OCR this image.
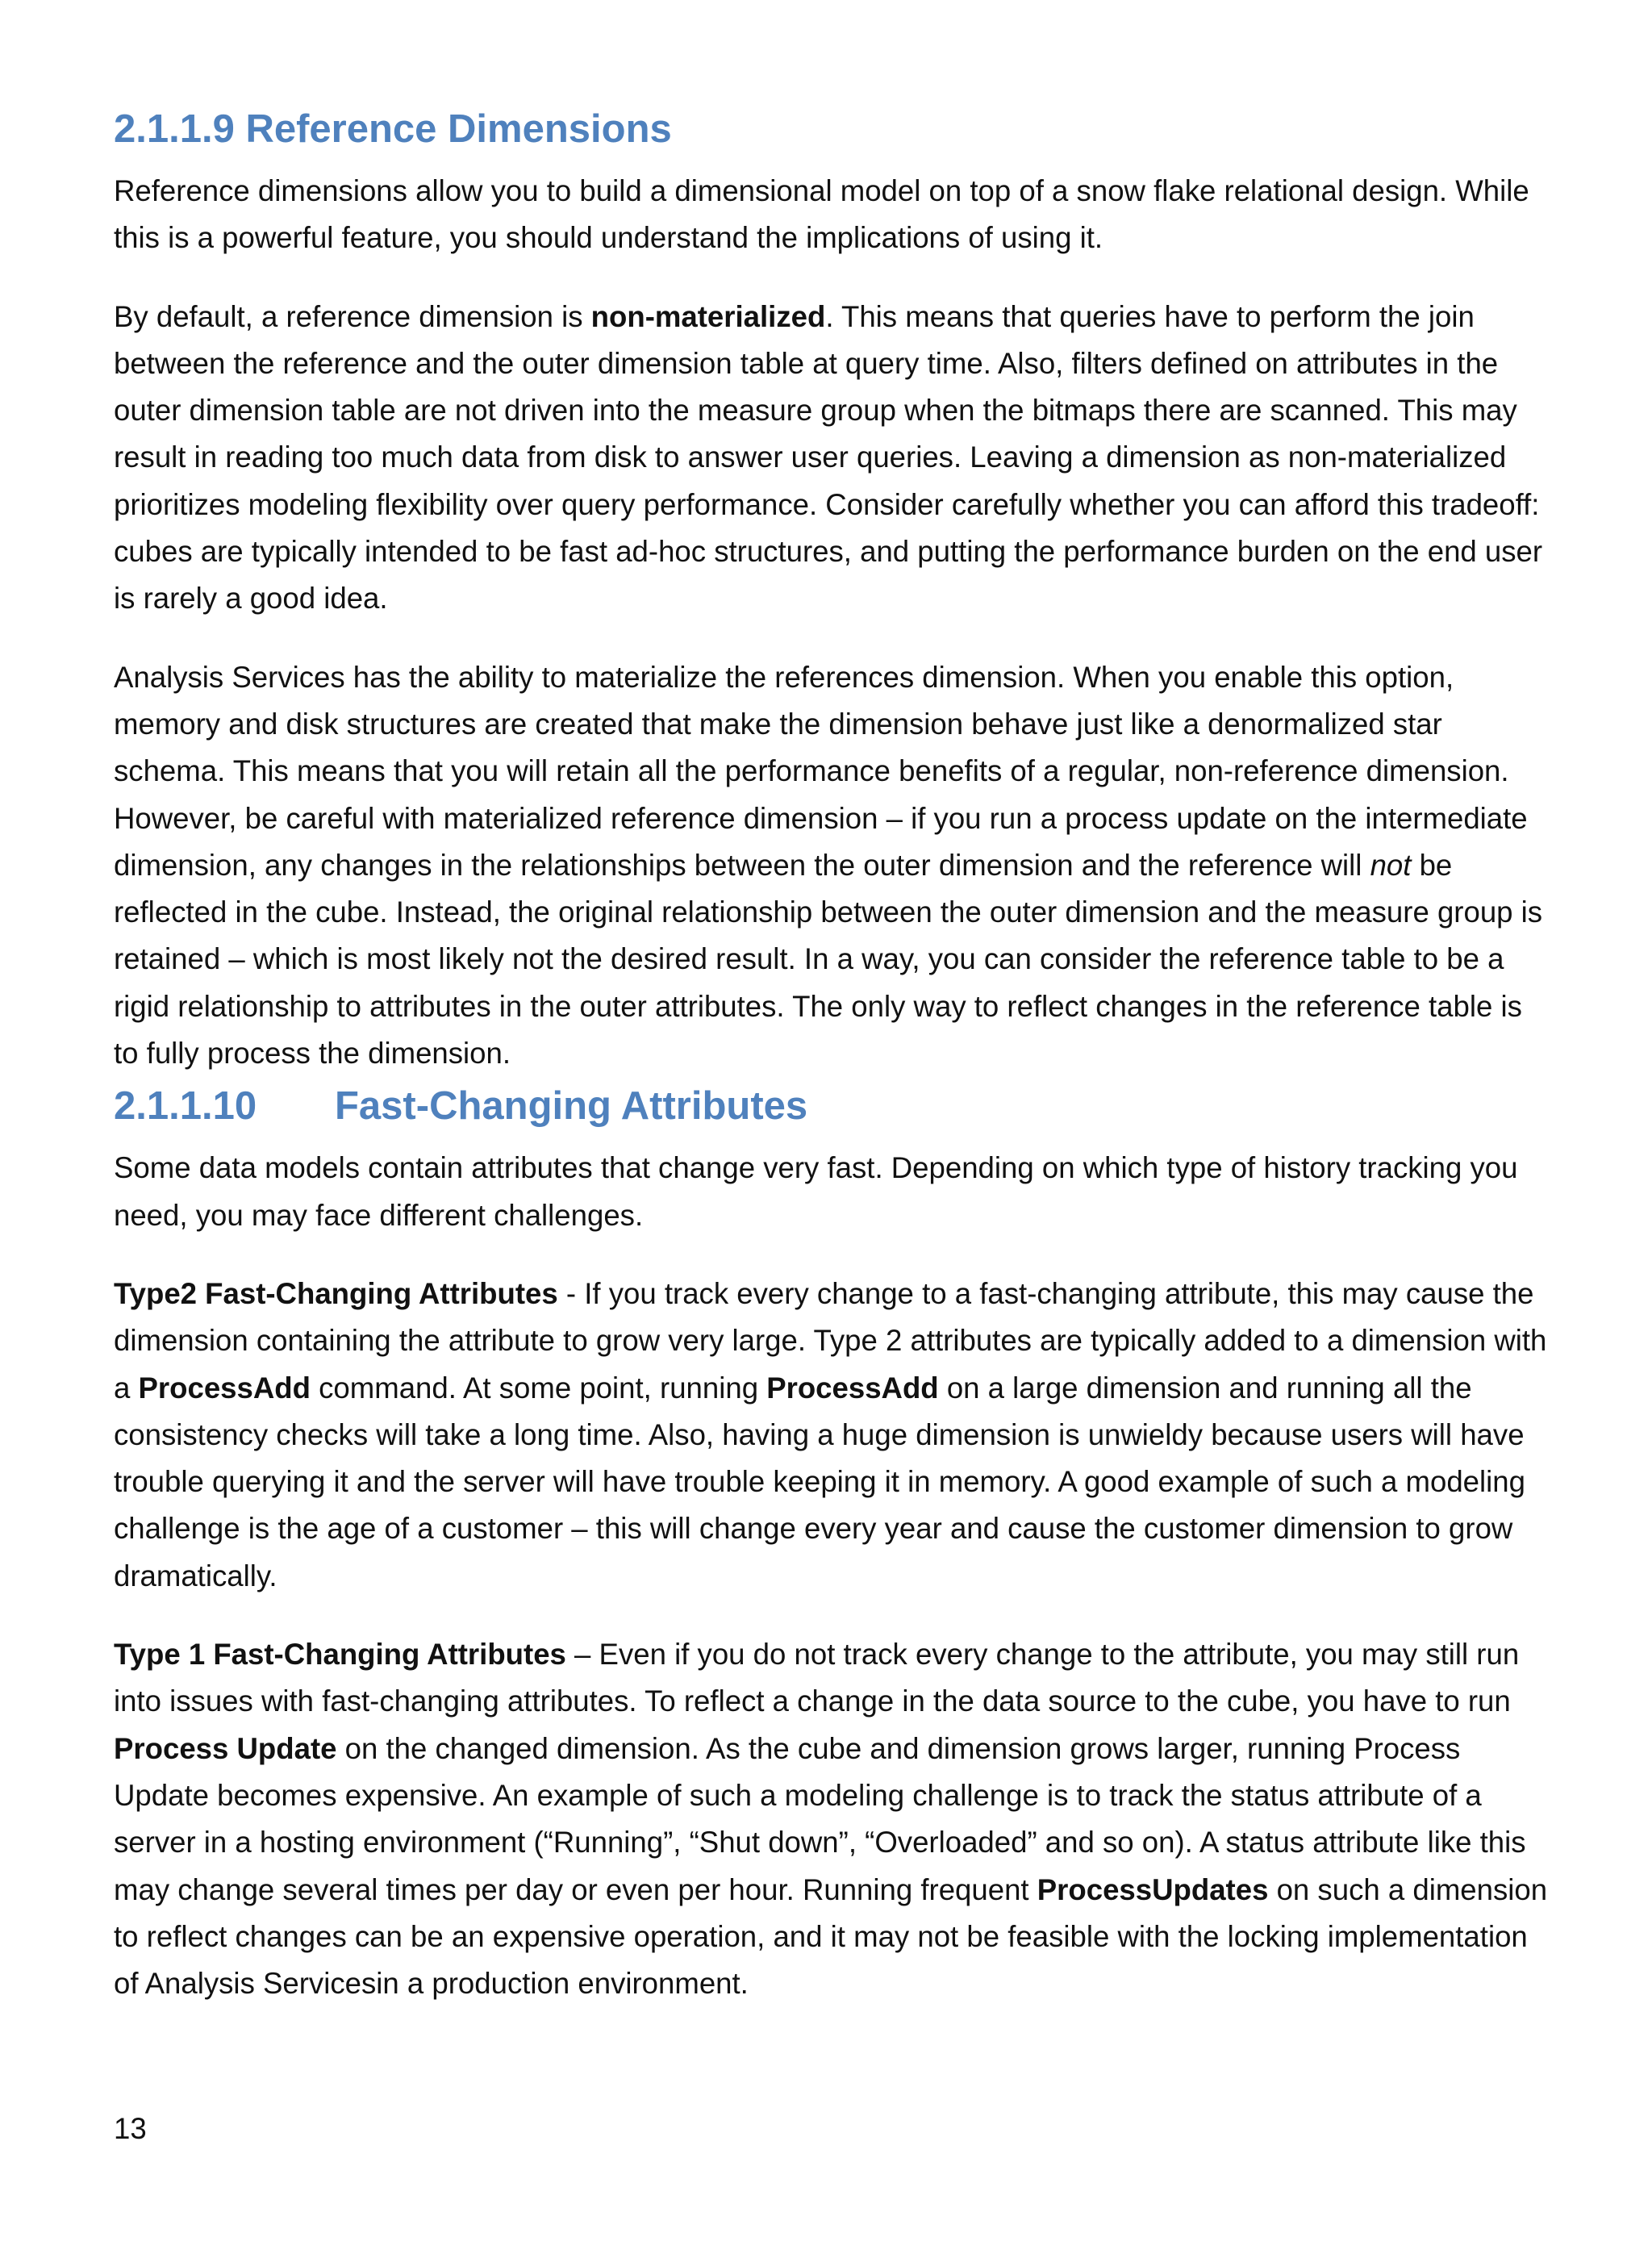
2.1.1.9 Reference Dimensions

Reference dimensions allow you to build a dimensional model on top of a snow flake relational design. While this is a powerful feature, you should understand the implications of using it.

By default, a reference dimension is non-materialized. This means that queries have to perform the join between the reference and the outer dimension table at query time. Also, filters defined on attributes in the outer dimension table are not driven into the measure group when the bitmaps there are scanned. This may result in reading too much data from disk to answer user queries. Leaving a dimension as non-materialized prioritizes modeling flexibility over query performance. Consider carefully whether you can afford this tradeoff: cubes are typically intended to be fast ad-hoc structures, and putting the performance burden on the end user is rarely a good idea.

Analysis Services has the ability to materialize the references dimension. When you enable this option, memory and disk structures are created that make the dimension behave just like a denormalized star schema. This means that you will retain all the performance benefits of a regular, non-reference dimension. However, be careful with materialized reference dimension – if you run a process update on the intermediate dimension, any changes in the relationships between the outer dimension and the reference will not be reflected in the cube. Instead, the original relationship between the outer dimension and the measure group is retained – which is most likely not the desired result. In a way, you can consider the reference table to be a rigid relationship to attributes in the outer attributes. The only way to reflect changes in the reference table is to fully process the dimension.

2.1.1.10 Fast-Changing Attributes

Some data models contain attributes that change very fast. Depending on which type of history tracking you need, you may face different challenges.

Type2 Fast-Changing Attributes - If you track every change to a fast-changing attribute, this may cause the dimension containing the attribute to grow very large. Type 2 attributes are typically added to a dimension with a ProcessAdd command. At some point, running ProcessAdd on a large dimension and running all the consistency checks will take a long time. Also, having a huge dimension is unwieldy because users will have trouble querying it and the server will have trouble keeping it in memory. A good example of such a modeling challenge is the age of a customer – this will change every year and cause the customer dimension to grow dramatically.

Type 1 Fast-Changing Attributes – Even if you do not track every change to the attribute, you may still run into issues with fast-changing attributes. To reflect a change in the data source to the cube, you have to run Process Update on the changed dimension. As the cube and dimension grows larger, running Process Update becomes expensive. An example of such a modeling challenge is to track the status attribute of a server in a hosting environment (“Running”, “Shut down”, “Overloaded” and so on). A status attribute like this may change several times per day or even per hour. Running frequent ProcessUpdates on such a dimension to reflect changes can be an expensive operation, and it may not be feasible with the locking implementation of Analysis Servicesin a production environment.

13
